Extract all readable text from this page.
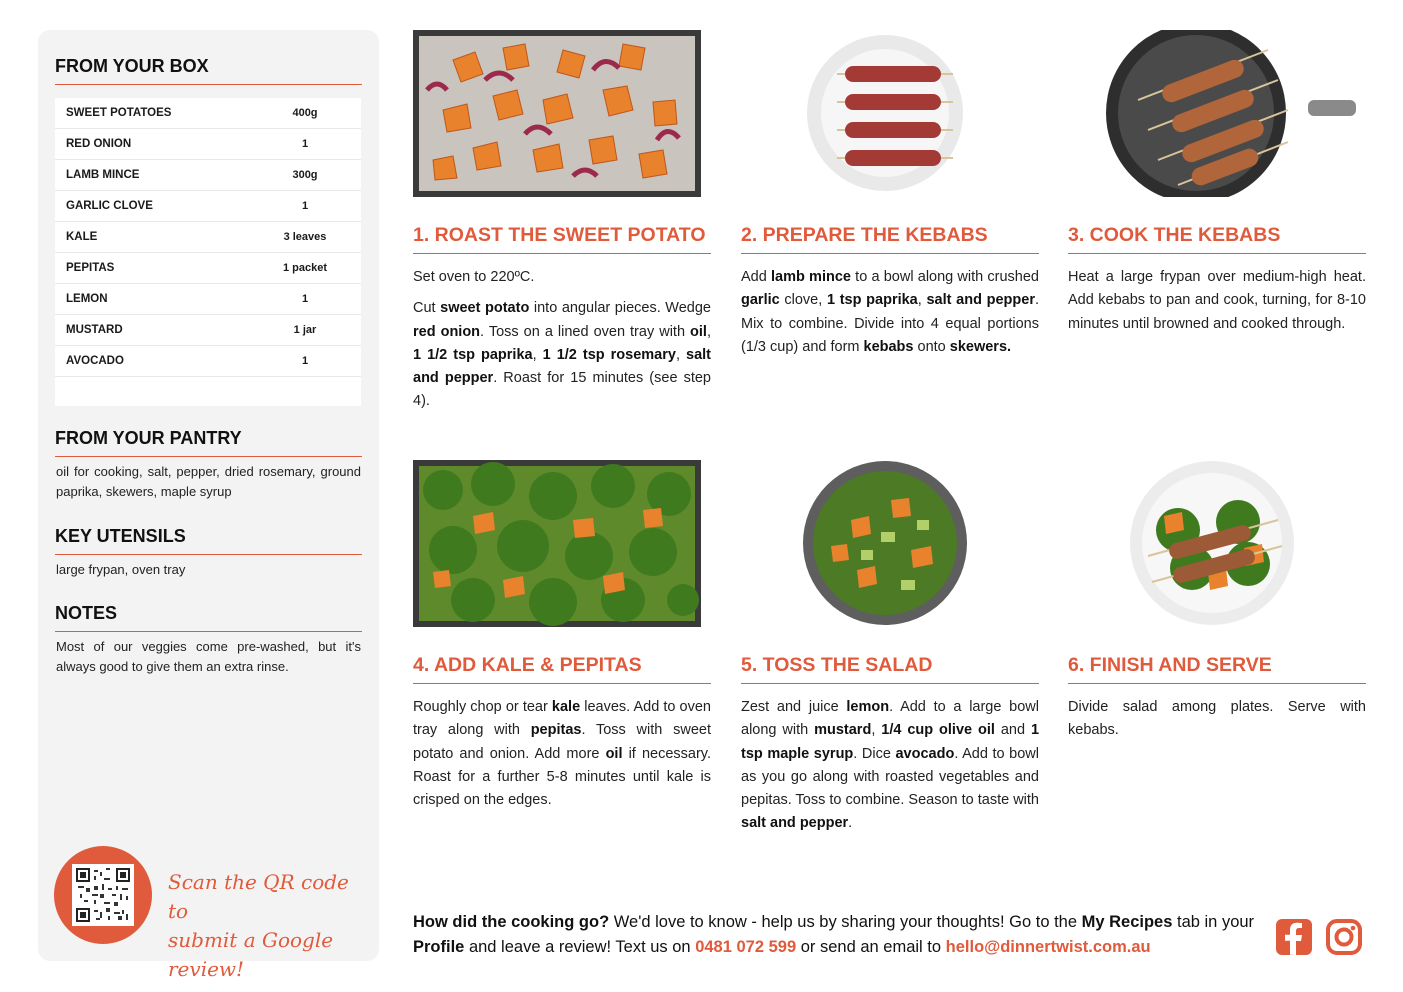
FROM YOUR BOX
SWEET POTATOES	400g
RED ONION	1
LAMB MINCE	300g
GARLIC CLOVE	1
KALE	3 leaves
PEPITAS	1 packet
LEMON	1
MUSTARD	1 jar
AVOCADO	1
FROM YOUR PANTRY
oil for cooking, salt, pepper, dried rosemary, ground paprika, skewers, maple syrup
KEY UTENSILS
large frypan, oven tray
NOTES
Most of our veggies come pre-washed, but it's always good to give them an extra rinse.
Scan the QR code to
submit a Google review!
1. ROAST THE SWEET POTATO

Set oven to 220ºC.

Cut sweet potato into angular pieces. Wedge red onion. Toss on a lined oven tray with oil, 1 1/2 tsp paprika, 1 1/2 tsp rosemary, salt and pepper. Roast for 15 minutes (see step 4).

2. PREPARE THE KEBABS

Add lamb mince to a bowl along with crushed garlic clove, 1 tsp paprika, salt and pepper. Mix to combine. Divide into 4 equal portions (1/3 cup) and form kebabs onto skewers.

3. COOK THE KEBABS

Heat a large frypan over medium-high heat. Add kebabs to pan and cook, turning, for 8-10 minutes until browned and cooked through.

4. ADD KALE & PEPITAS

Roughly chop or tear kale leaves. Add to oven tray along with pepitas. Toss with sweet potato and onion. Add more oil if necessary. Roast for a further 5-8 minutes until kale is crisped on the edges.

5. TOSS THE SALAD

Zest and juice lemon. Add to a large bowl along with mustard, 1/4 cup olive oil and 1 tsp maple syrup. Dice avocado. Add to bowl as you go along with roasted vegetables and pepitas. Toss to combine. Season to taste with salt and pepper.

6. FINISH AND SERVE

Divide salad among plates. Serve with kebabs.

How did the cooking go? We'd love to know - help us by sharing your thoughts! Go to the My Recipes tab in your Profile and leave a review! Text us on 0481 072 599 or send an email to hello@dinnertwist.com.au
